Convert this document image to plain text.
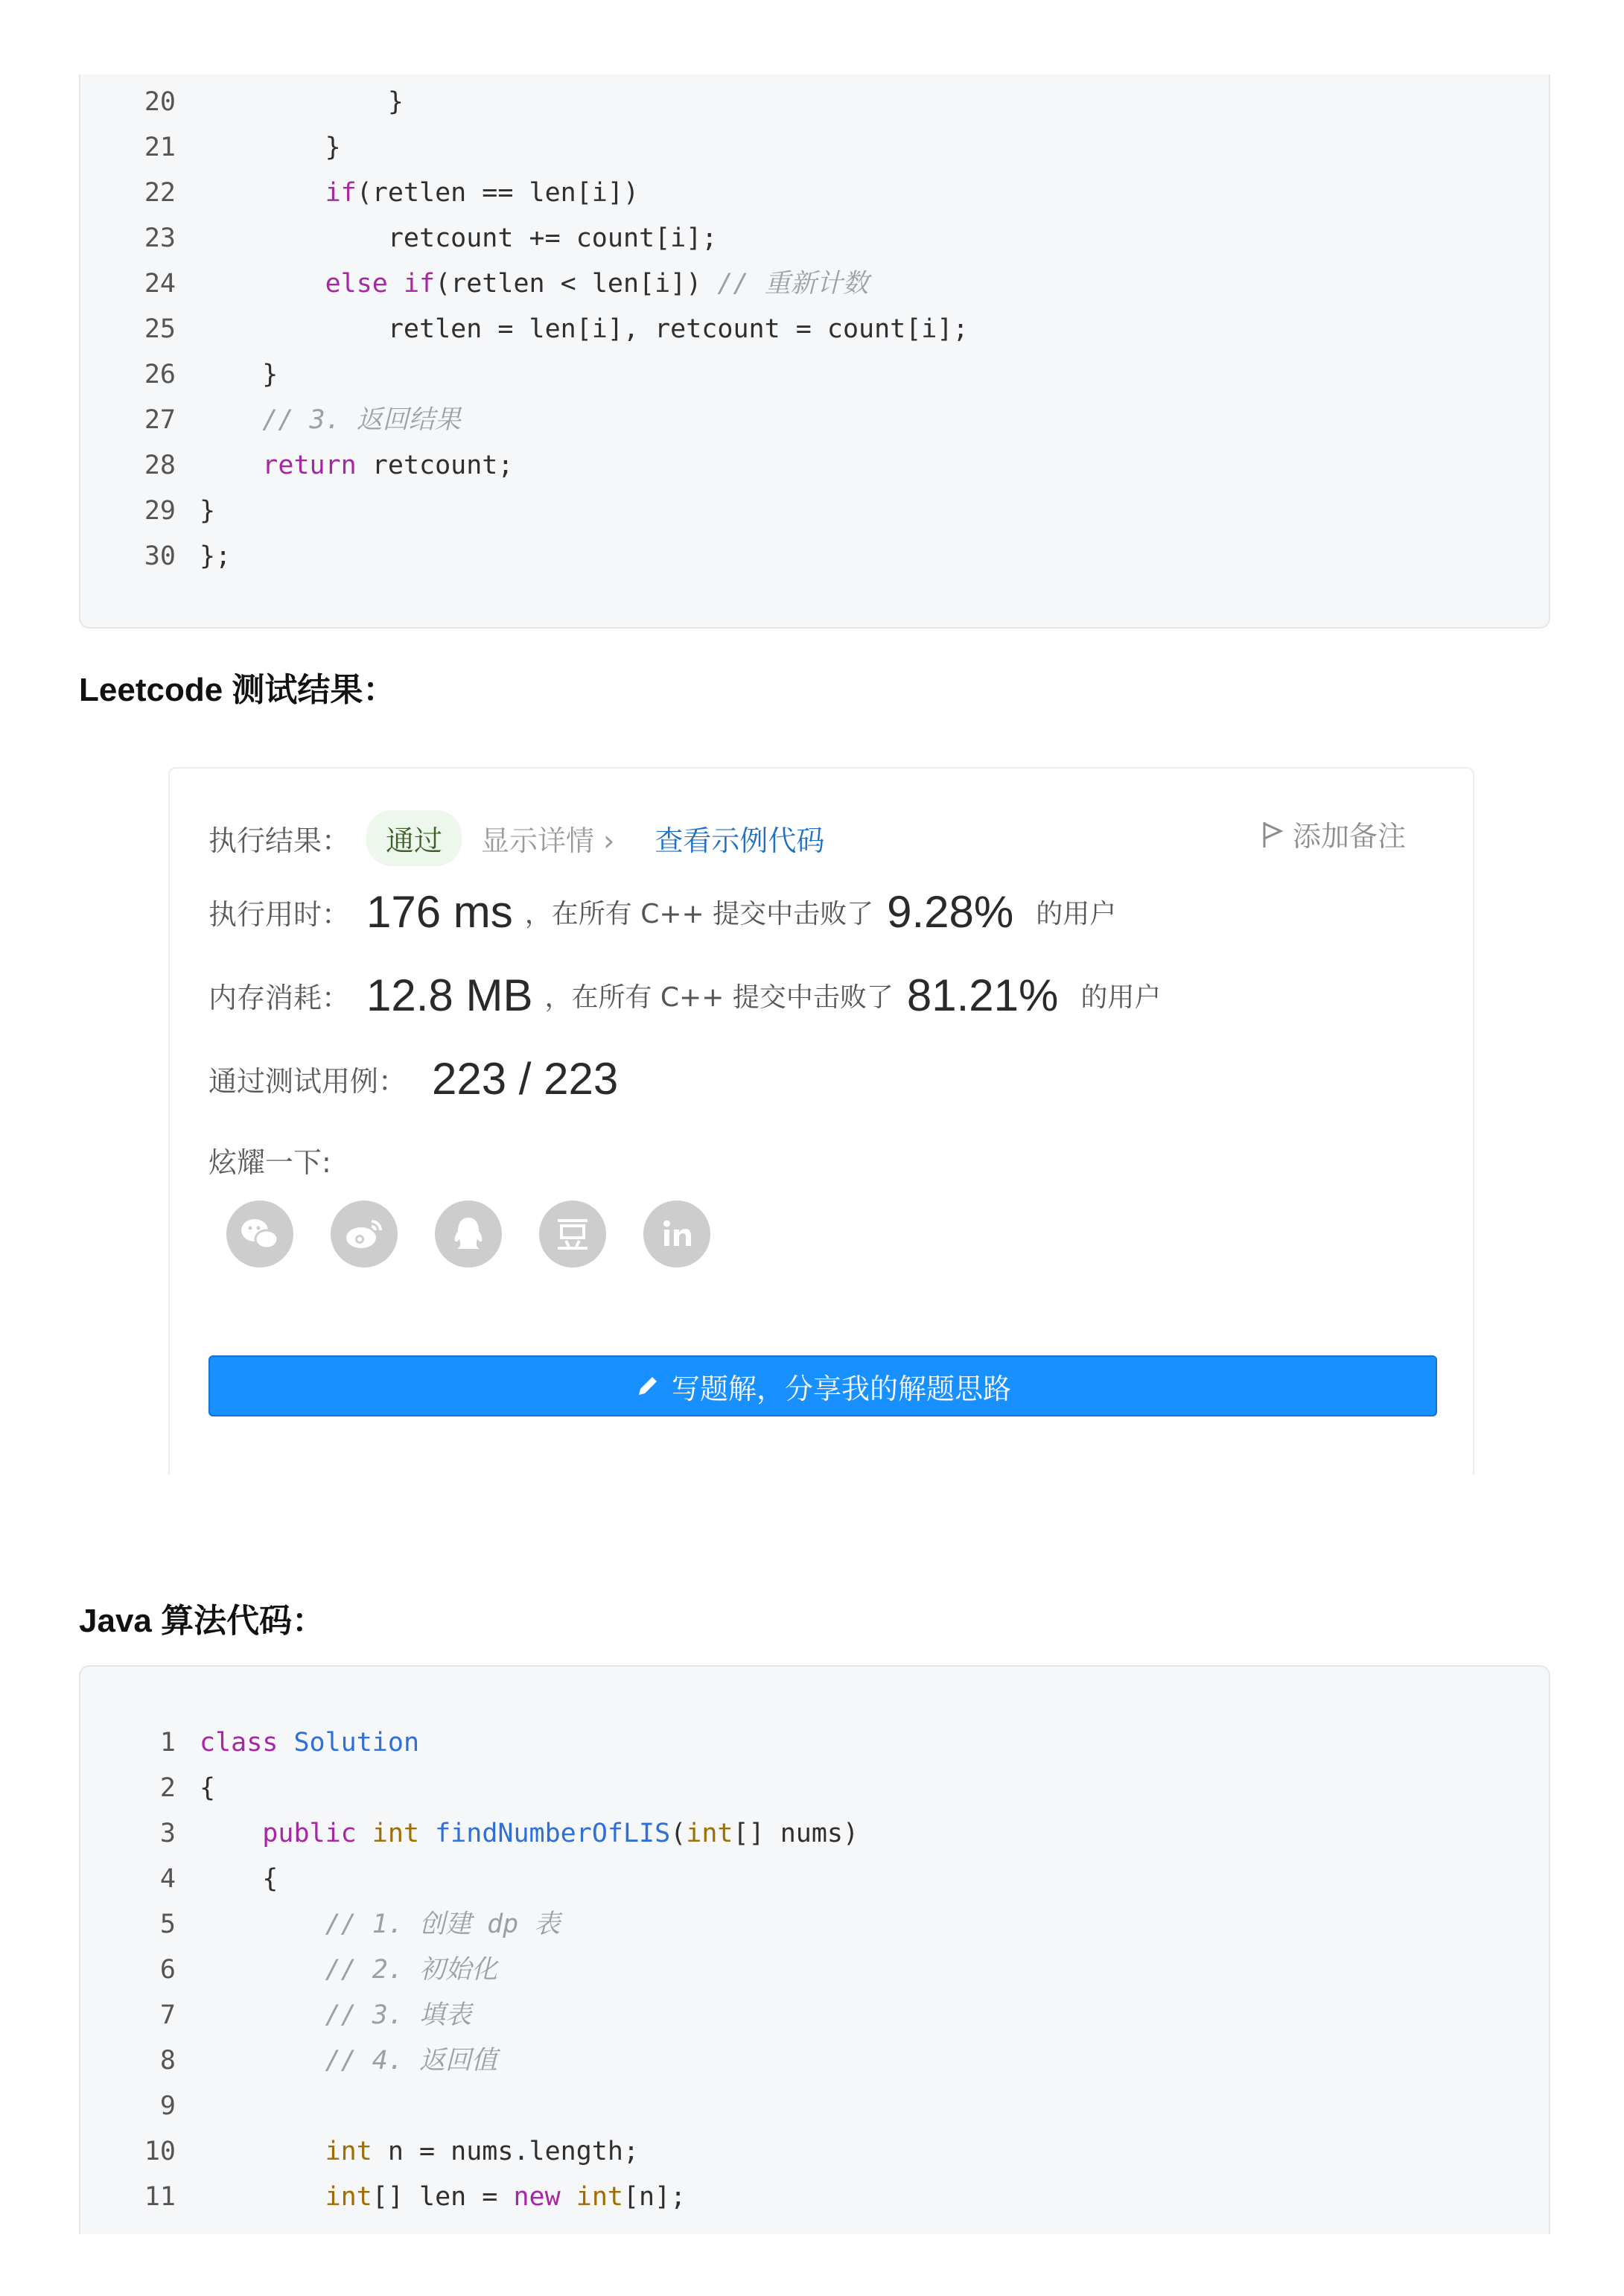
20 }
21 }
22	if(retlen == len[i])
23 retcount += count[i];
24	else if(retlen < len[i]) // 重新计数
25 retlen = len[i], retcount = count[i];
26 }
27	// 3. 返回结果
28	return retcount;
29 }
30 };
Leetcode 测试结果：
执行结果：	通过	显示详情 › 查看示例代码	添加备注
执行用时： 176 ms ，在所有 C++ 提交中击败了 9.28% 的用户
内存消耗： 12.8 MB ，在所有 C++ 提交中击败了 81.21% 的用户
通过测试用例： 223 / 223
炫耀一下:
写题解，分享我的解题思路
Java 算法代码：
1 class Solution
2 {
3	public int findNumberOfLIS(int[] nums)
4 {
5	// 1. 创建 dp 表
6	// 2. 初始化
7	// 3. 填表
8	// 4. 返回值
9
10	int n = nums.length;
11	int[] len = new int[n];
